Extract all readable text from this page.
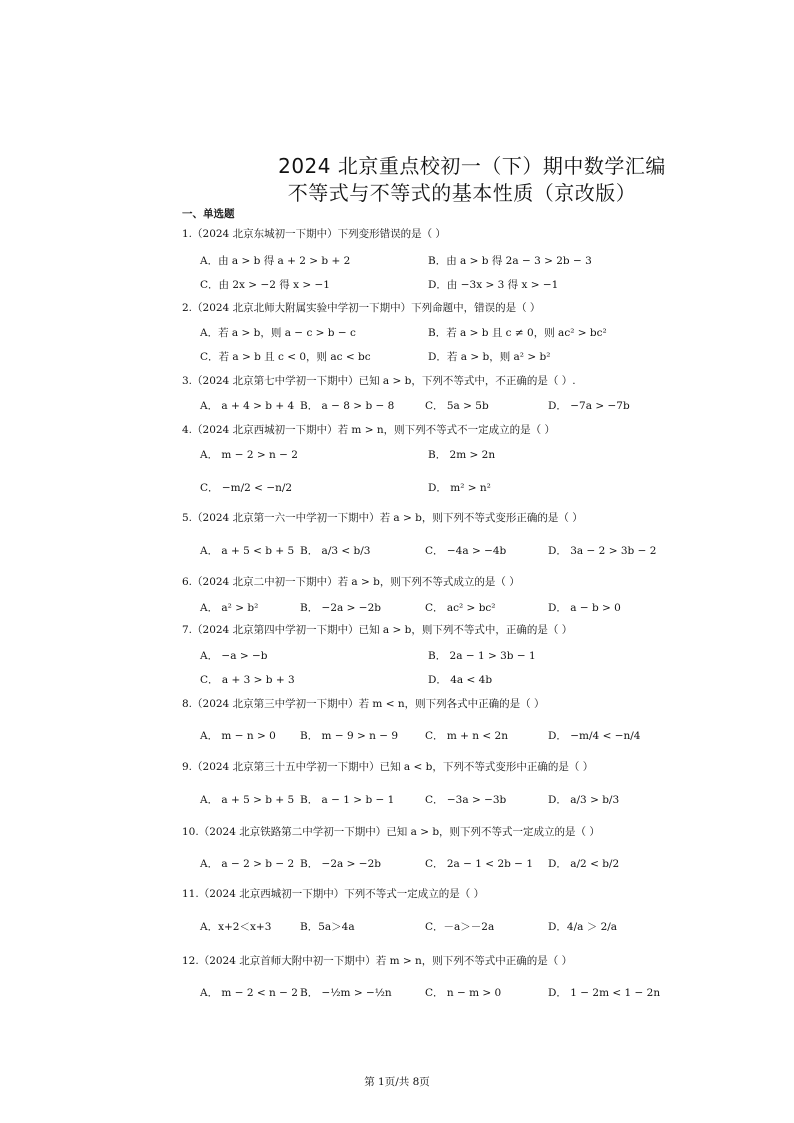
2024 北京重点校初一（下）期中数学汇编
不等式与不等式的基本性质（京改版）
一、单选题
1.（2024 北京东城初一下期中）下列变形错误的是（ ）
A．由 a > b 得 a + 2 > b + 2	B．由 a > b 得 2a − 3 > 2b − 3
C．由 2x > −2 得 x > −1	D．由 −3x > 3 得 x > −1
2.（2024 北京北师大附属实验中学初一下期中）下列命题中，错误的是（ ）
A．若 a > b，则 a − c > b − c	B．若 a > b 且 c ≠ 0，则 ac² > bc²
C．若 a > b 且 c < 0，则 ac < bc	D．若 a > b，则 a² > b²
3.（2024 北京第七中学初一下期中）已知 a > b，下列不等式中，不正确的是（ ）.
A． a + 4 > b + 4 B． a − 8 > b − 8	C． 5a > 5b	D． −7a > −7b
4.（2024 北京西城初一下期中）若 m > n，则下列不等式不一定成立的是（ ）
A． m − 2 > n − 2	B． 2m > 2n
C． −m/2 < −n/2	D． m² > n²
5.（2024 北京第一六一中学初一下期中）若 a > b，则下列不等式变形正确的是（ ）
A． a + 5 < b + 5 B． a/3 < b/3	C． −4a > −4b	D． 3a − 2 > 3b − 2
6.（2024 北京二中初一下期中）若 a > b，则下列不等式成立的是（ ）
A． a² > b²	B． −2a > −2b	C． ac² > bc²	D． a − b > 0
7.（2024 北京第四中学初一下期中）已知 a > b，则下列不等式中，正确的是（ ）
A． −a > −b	B． 2a − 1 > 3b − 1
C． a + 3 > b + 3	D． 4a < 4b
8.（2024 北京第三中学初一下期中）若 m < n，则下列各式中正确的是（ ）
A． m − n > 0 B． m − 9 > n − 9	C． m + n < 2n	D． −m/4 < −n/4
9.（2024 北京第三十五中学初一下期中）已知 a < b，下列不等式变形中正确的是（ ）
A． a + 5 > b + 5 B． a − 1 > b − 1	C． −3a > −3b	D． a/3 > b/3
10.（2024 北京铁路第二中学初一下期中）已知 a > b，则下列不等式一定成立的是（ ）
A． a − 2 > b − 2 B． −2a > −2b	C． 2a − 1 < 2b − 1 D． a/2 < b/2
11.（2024 北京西城初一下期中）下列不等式一定成立的是（ ）
A．x+2＜x+3	B．5a＞4a	C．－a＞－2a	D．4/a ＞ 2/a
12.（2024 北京首师大附中初一下期中）若 m > n，则下列不等式中正确的是（ ）
A． m − 2 < n − 2 B． −½m > −½n	C． n − m > 0	D． 1 − 2m < 1 − 2n
第 1页/共 8页
